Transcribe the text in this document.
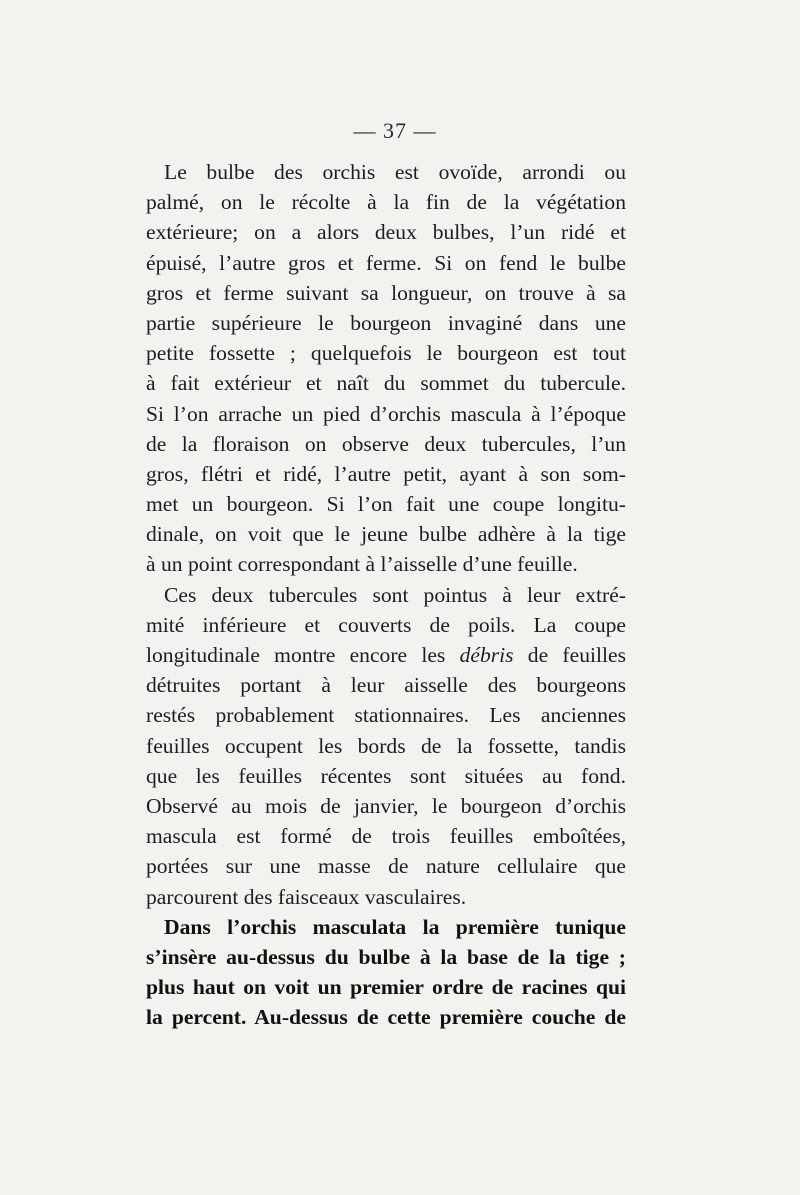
— 37 —
Le bulbe des orchis est ovoïde, arrondi ou
palmé, on le récolte à la fin de la végétation
extérieure; on a alors deux bulbes, l’un ridé et
épuisé, l’autre gros et ferme. Si on fend le bulbe
gros et ferme suivant sa longueur, on trouve à sa
partie supérieure le bourgeon invaginé dans une
petite fossette ; quelquefois le bourgeon est tout
à fait extérieur et naît du sommet du tubercule.
Si l’on arrache un pied d’orchis mascula à l’époque
de la floraison on observe deux tubercules, l’un
gros, flétri et ridé, l’autre petit, ayant à son som-
met un bourgeon. Si l’on fait une coupe longitu-
dinale, on voit que le jeune bulbe adhère à la tige
à un point correspondant à l’aisselle d’une feuille.
Ces deux tubercules sont pointus à leur extré-
mité inférieure et couverts de poils. La coupe
longitudinale montre encore les débris de feuilles
détruites portant à leur aisselle des bourgeons
restés probablement stationnaires. Les anciennes
feuilles occupent les bords de la fossette, tandis
que les feuilles récentes sont situées au fond.
Observé au mois de janvier, le bourgeon d’orchis
mascula est formé de trois feuilles emboîtées,
portées sur une masse de nature cellulaire que
parcourent des faisceaux vasculaires.
Dans l’orchis masculata la première tunique
s’insère au-dessus du bulbe à la base de la tige ;
plus haut on voit un premier ordre de racines qui
la percent. Au-dessus de cette première couche de
